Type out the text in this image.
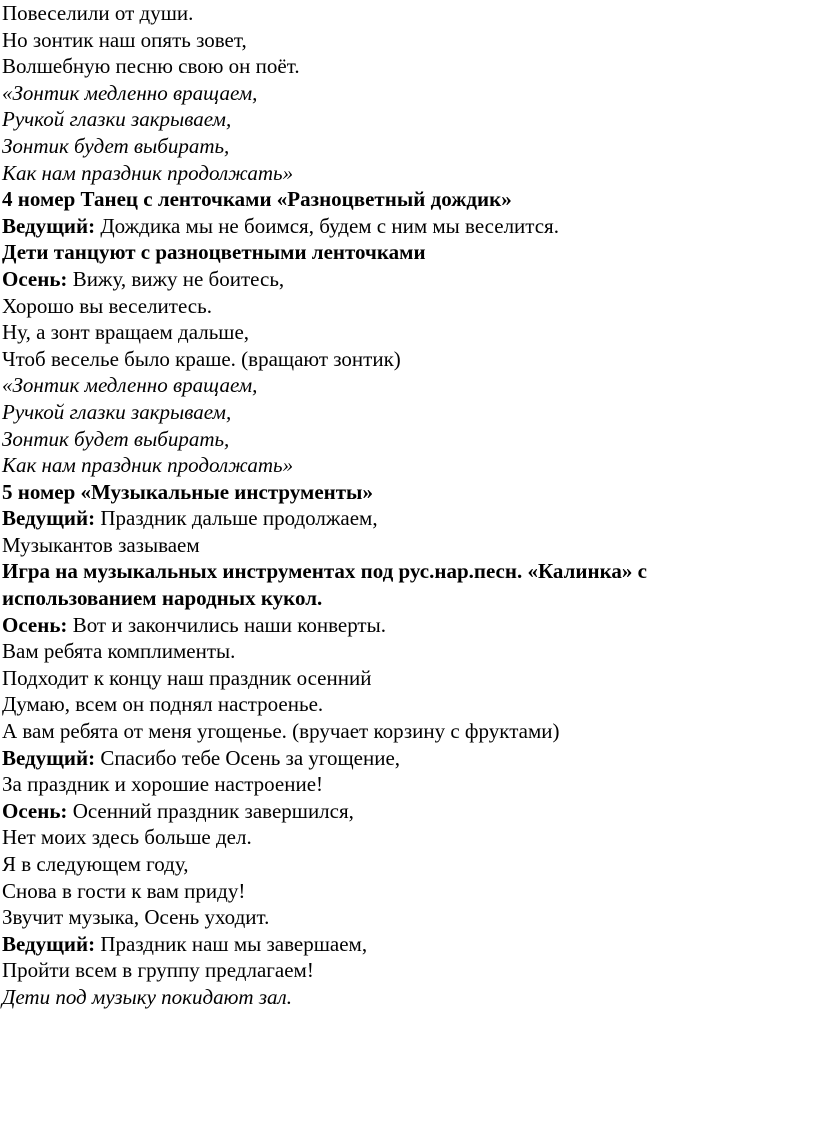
Повеселили от души.
Но зонтик наш опять зовет,
Волшебную песню свою он поёт.
«Зонтик медленно вращаем,
Ручкой глазки закрываем,
Зонтик будет выбирать,
Как нам праздник продолжать»
4 номер Танец с ленточками «Разноцветный дождик»
Ведущий: Дождика мы не боимся, будем с ним мы веселится.
Дети танцуют с разноцветными ленточками
Осень: Вижу, вижу не боитесь,
Хорошо вы веселитесь.
Ну, а зонт вращаем дальше,
Чтоб веселье было краше. (вращают зонтик)
«Зонтик медленно вращаем,
Ручкой глазки закрываем,
Зонтик будет выбирать,
Как нам праздник продолжать»
5 номер «Музыкальные инструменты»
Ведущий: Праздник дальше продолжаем,
Музыкантов зазываем
Игра на музыкальных инструментах под рус.нар.песн. «Калинка» с
использованием народных кукол.
Осень: Вот и закончились наши конверты.
Вам ребята комплименты.
Подходит к концу наш праздник осенний
Думаю, всем он поднял настроенье.
А вам ребята от меня угощенье. (вручает корзину с фруктами)
Ведущий: Спасибо тебе Осень за угощение,
За праздник и хорошие настроение!
Осень: Осенний праздник завершился,
Нет моих здесь больше дел.
Я в следующем году,
Снова в гости к вам приду!
Звучит музыка, Осень уходит.
Ведущий: Праздник наш мы завершаем,
Пройти всем в группу предлагаем!
Дети под музыку покидают зал.
